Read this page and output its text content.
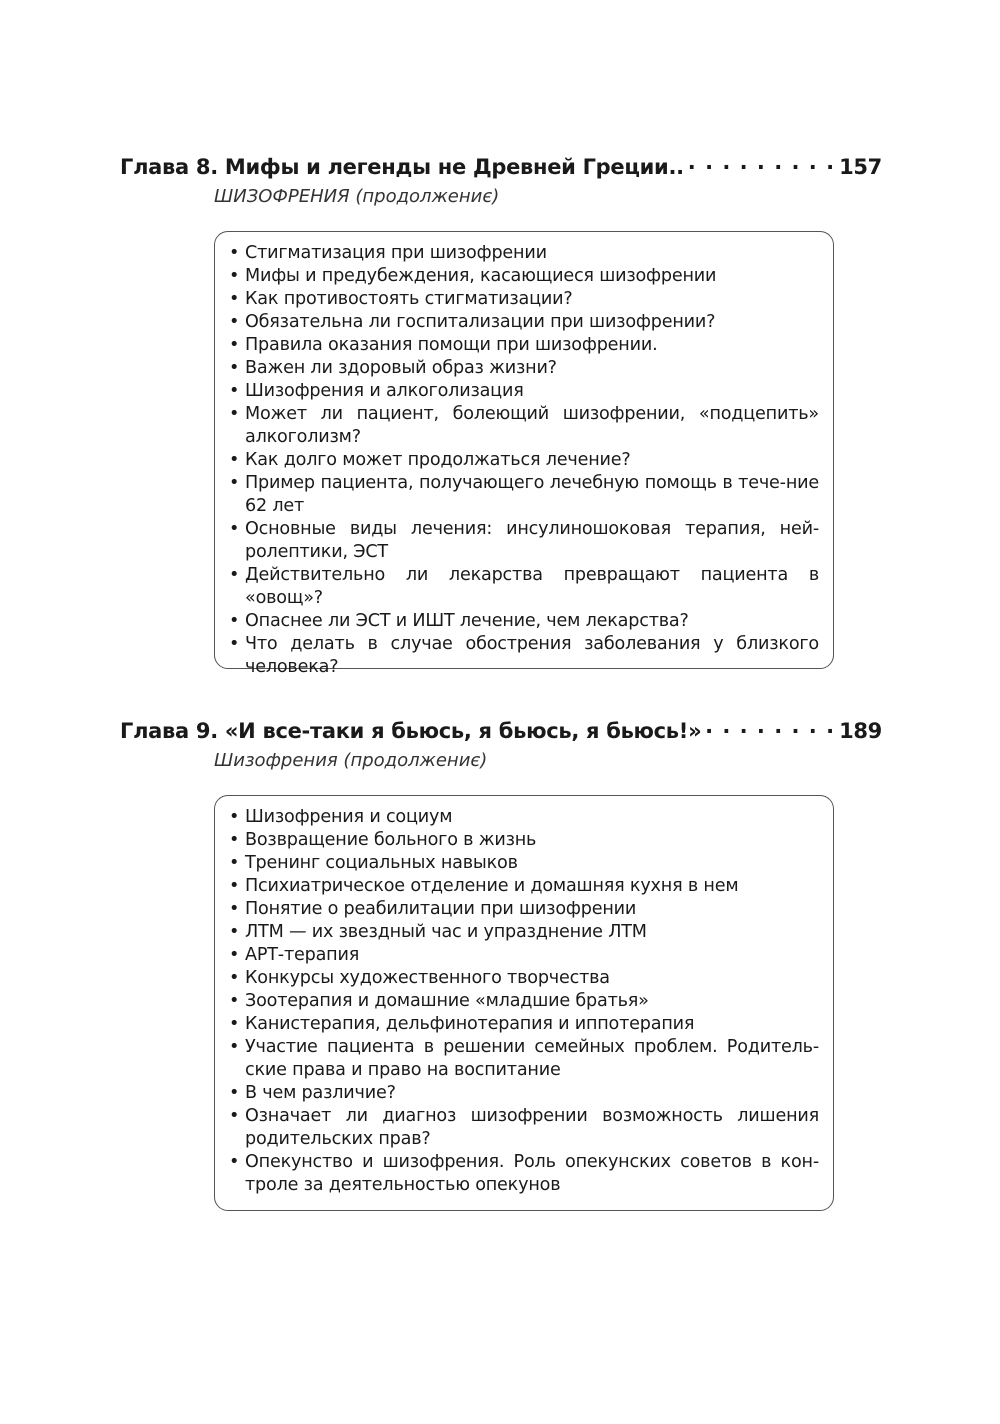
Глава 8. Мифы и легенды не Древней Греции.. . . .	157
ШИЗОФРЕНИЯ (продолжениє)
• Стигматизация при шизофрении
• Мифы и предубеждения, касающиеся шизофрении
• Как противостоять стигматизации?
• Обязательна ли госпитализации при шизофрении?
• Правила оказания помощи при шизофрении.
• Важен ли здоровый образ жизни?
• Шизофрения и алкоголизация
• Может ли пациент, болеющий шизофрении, «подцепить» алкоголизм?
• Как долго может продолжаться лечение?
• Пример пациента, получающего лечебную помощь в тече-ние 62 лет
• Основные виды лечения: инсулиношоковая терапия, ней-ролептики, ЭСТ
• Действительно ли лекарства превращают пациента в «овощ»?
• Опаснее ли ЭСТ и ИШТ лечение, чем лекарства?
• Что делать в случае обострения заболевания у близкого человека?
Глава 9. «И все-таки я бьюсь, я бьюсь, я бьюсь!» . . .	189
Шизофрения (продолжениє)
• Шизофрения и социум
• Возвращение больного в жизнь
• Тренинг социальных навыков
• Психиатрическое отделение и домашняя кухня в нем
• Понятие о реабилитации при шизофрении
• ЛТМ — их звездный час и упразднение ЛТМ
• АРТ-терапия
• Конкурсы художественного творчества
• Зоотерапия и домашние «младшие братья»
• Канистерапия, дельфинотерапия и иппотерапия
• Участие пациента в решении семейных проблем. Родитель-ские права и право на воспитание
• В чем различие?
• Означает ли диагноз шизофрении возможность лишения родительских прав?
• Опекунство и шизофрения. Роль опекунских советов в кон-троле за деятельностью опекунов
